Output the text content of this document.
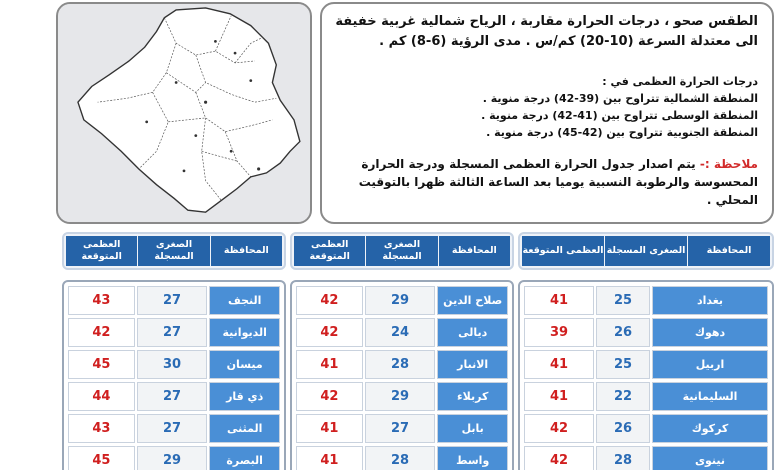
الطقس صحو ، درجات الحرارة مقاربة ، الرياح شمالية غربية خفيفة الى معتدلة السرعة (10-20) كم/س . مدى الرؤية (6-8) كم .

درجات الحرارة العظمى في :

المنطقة الشمالية تتراوح بين (39-42) درجة منوية .

المنطقة الوسطى تتراوح بين (41-42) درجة منوية .

المنطقة الجنوبية تتراوح بين (42-45) درجة منوية .

ملاحظة :- يتم اصدار جدول الحرارة العظمى المسجلة ودرجة الحرارة المحسوسة والرطوبة النسبية يوميا بعد الساعة الثالثة ظهرا بالتوقيت المحلي .

المحافظة
الصغرى المسجلة
العظمى المتوقعة
المحافظة
الصغرى المسجلة
العظمى المتوقعة
المحافظة
الصغرى المسجلة
العظمى المتوقعة
بغداد
دهوك
اربيل
السليمانية
كركوك
نينوى
25
26
25
22
26
28
41
39
41
41
42
42
صلاح الدين
ديالى
الانبار
كربلاء
بابل
واسط
29
24
28
29
27
28
42
42
41
42
41
41
النجف
الديوانية
ميسان
ذي قار
المثنى
البصرة
27
27
30
27
27
29
43
42
45
44
43
45
